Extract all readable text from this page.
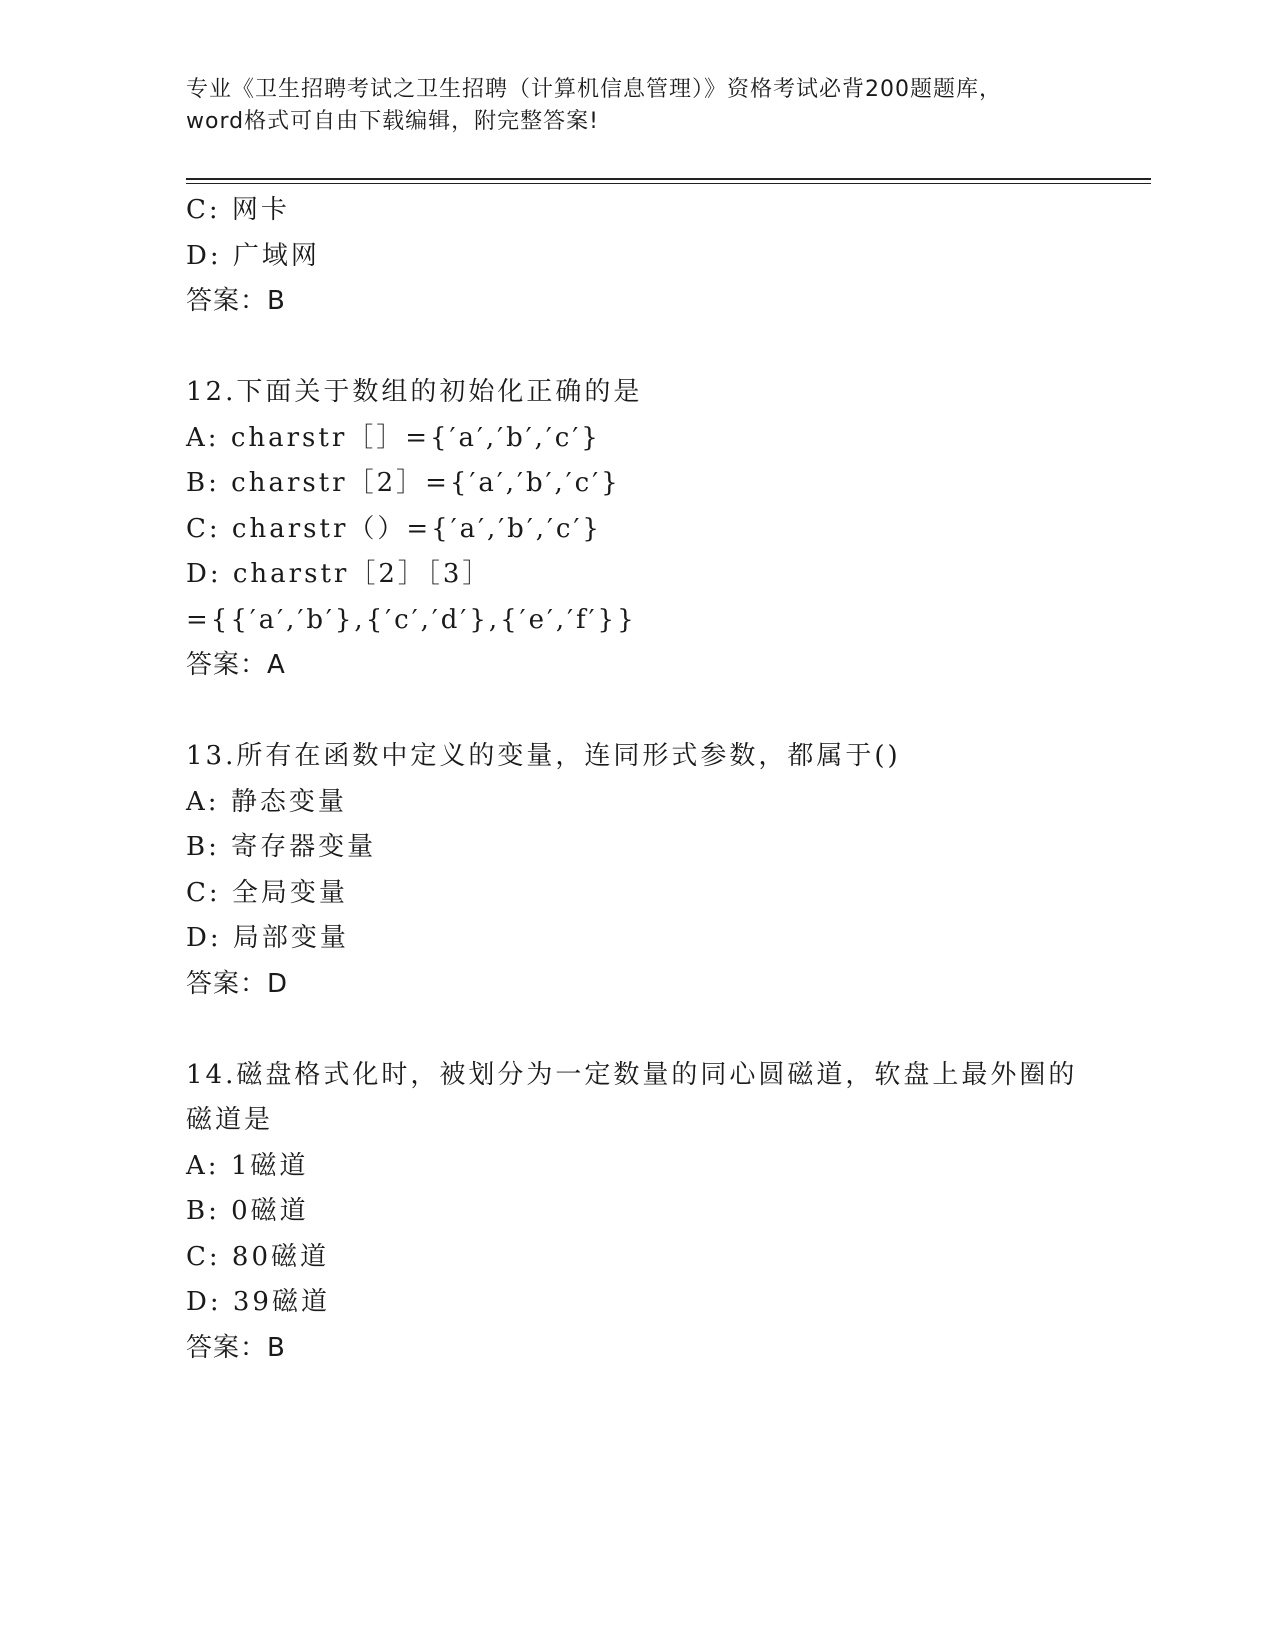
专业《卫生招聘考试之卫生招聘（计算机信息管理）》资格考试必背200题题库，
word格式可自由下载编辑，附完整答案!
C: 网卡
D: 广域网
答案：B
12.下面关于数组的初始化正确的是
A: charstr［］={′a′,′b′,′c′}
B: charstr［2］={′a′,′b′,′c′}
C: charstr（）={′a′,′b′,′c′}
D: charstr［2］［3］
={{′a′,′b′},{′c′,′d′},{′e′,′f′}}
答案：A
13.所有在函数中定义的变量，连同形式参数，都属于()
A: 静态变量
B: 寄存器变量
C: 全局变量
D: 局部变量
答案：D
14.磁盘格式化时，被划分为一定数量的同心圆磁道，软盘上最外圈的
磁道是
A: 1磁道
B: 0磁道
C: 80磁道
D: 39磁道
答案：B
